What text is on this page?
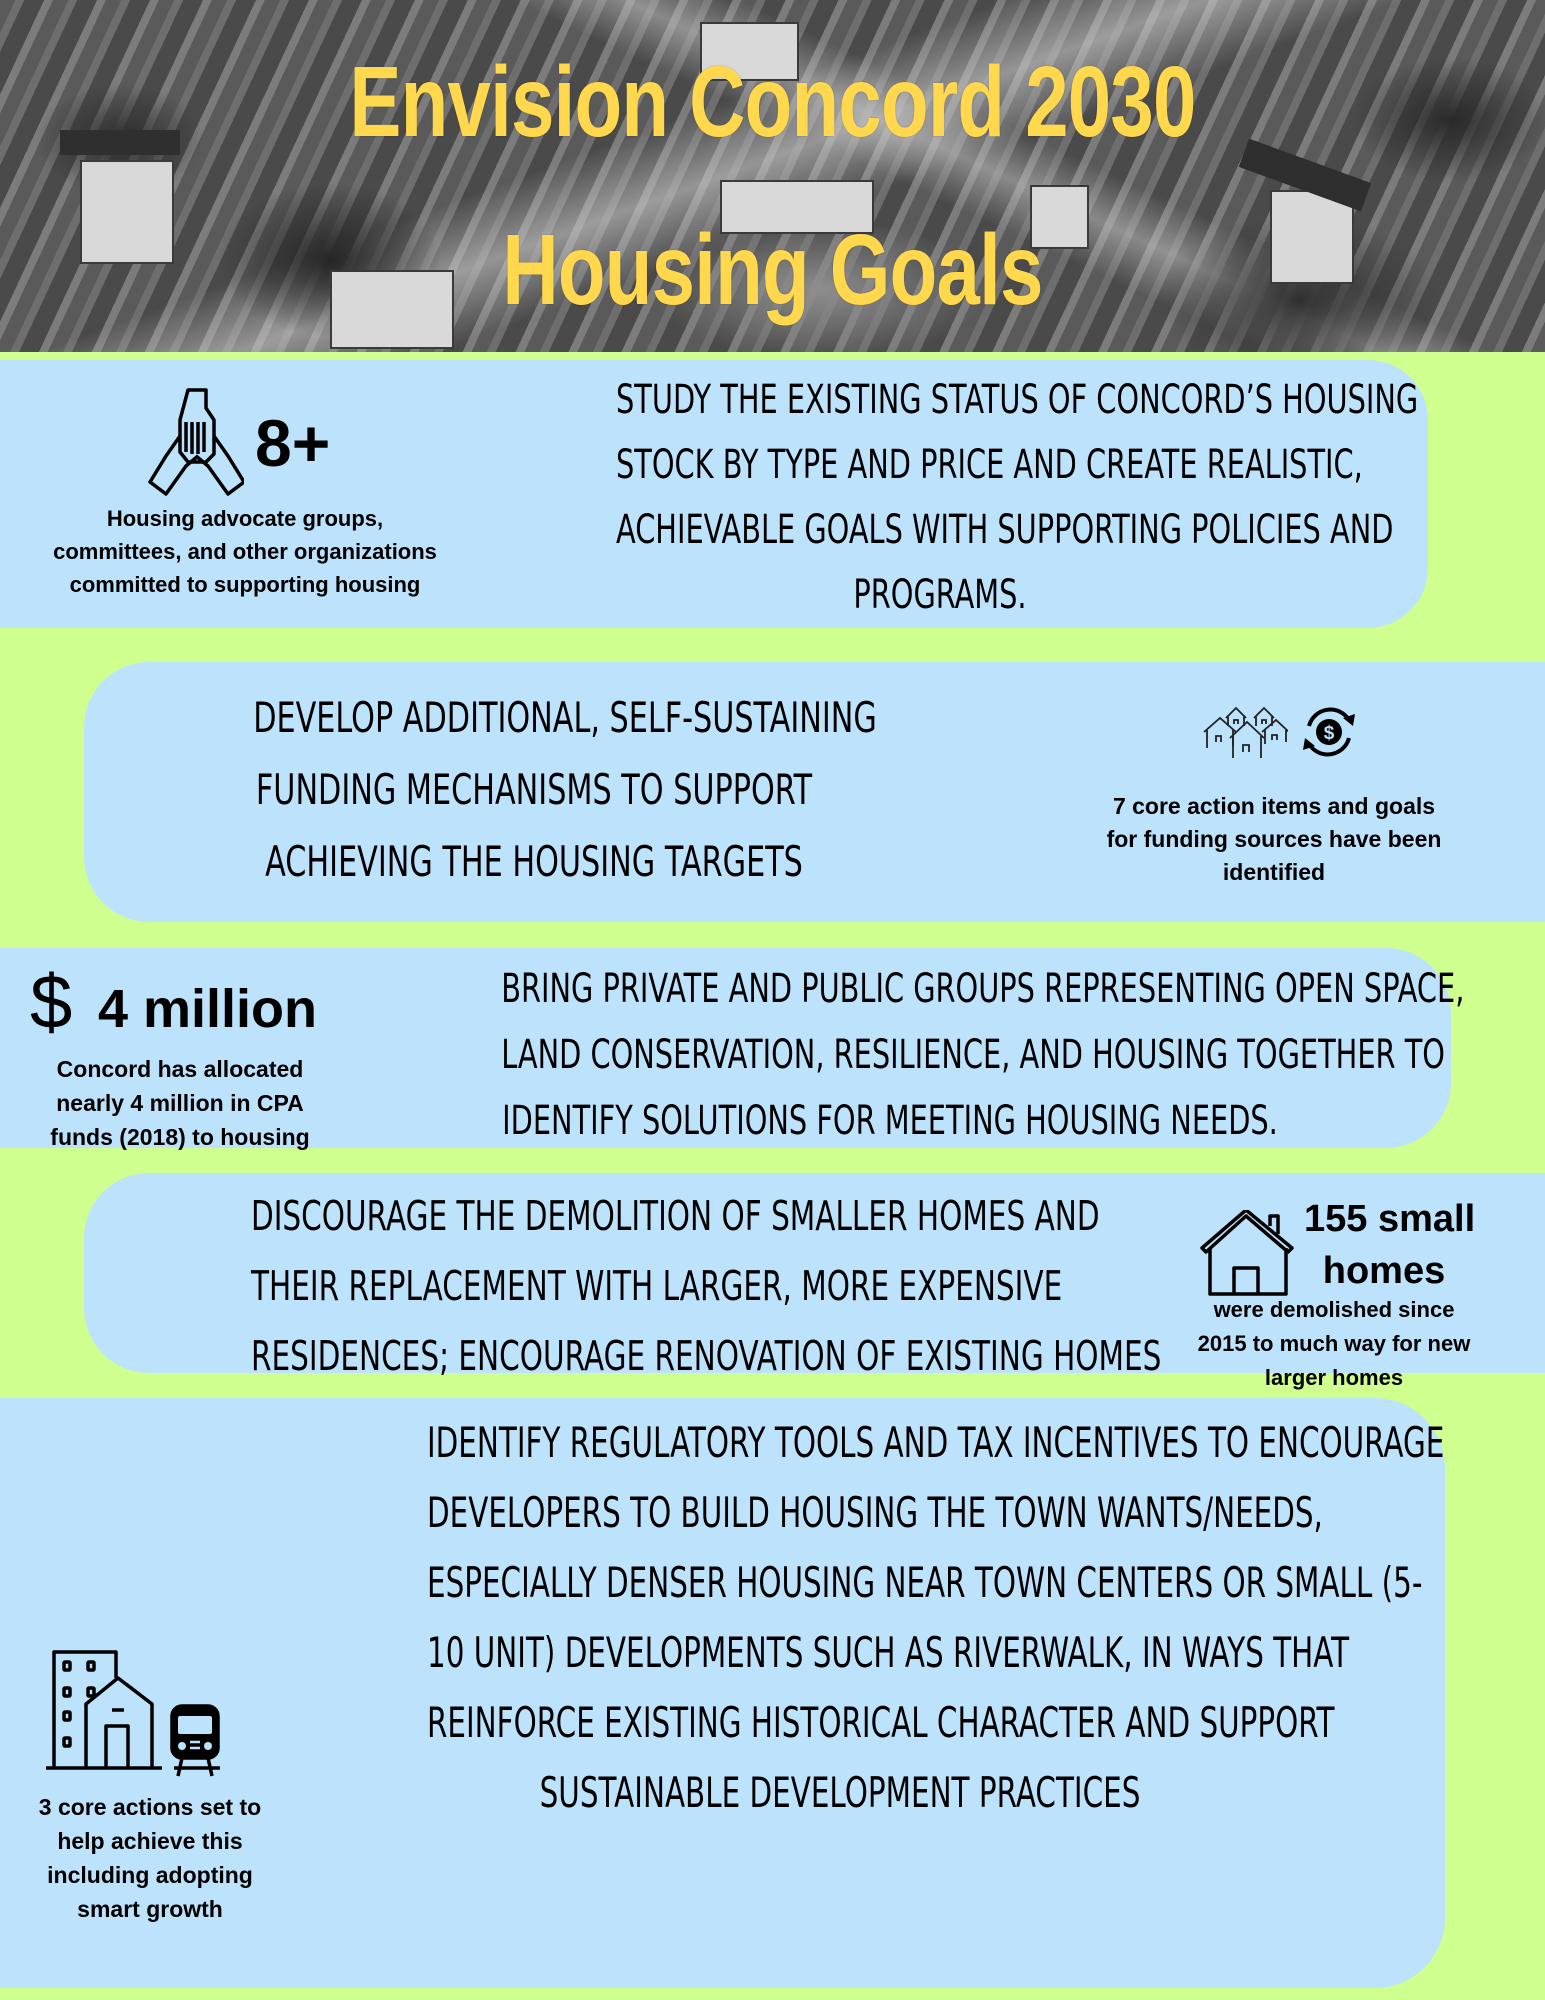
Envision Concord 2030
Housing Goals
8+
Housing advocate groups,
committees, and other organizations
committed to supporting housing
STUDY THE EXISTING STATUS OF CONCORD’S HOUSING
STOCK BY TYPE AND PRICE AND CREATE REALISTIC,
ACHIEVABLE GOALS WITH SUPPORTING POLICIES AND
PROGRAMS.
DEVELOP ADDITIONAL, SELF-SUSTAINING
FUNDING MECHANISMS TO SUPPORT
ACHIEVING THE HOUSING TARGETS
$
7 core action items and goals
for funding sources have been
identified
$ 4 million
Concord has allocated
nearly 4 million in CPA
funds (2018) to housing
BRING PRIVATE AND PUBLIC GROUPS REPRESENTING OPEN SPACE,
LAND CONSERVATION, RESILIENCE, AND HOUSING TOGETHER TO
IDENTIFY SOLUTIONS FOR MEETING HOUSING NEEDS.
DISCOURAGE THE DEMOLITION OF SMALLER HOMES AND
THEIR REPLACEMENT WITH LARGER, MORE EXPENSIVE
RESIDENCES; ENCOURAGE RENOVATION OF EXISTING HOMES
155 small
homes
were demolished since
2015 to much way for new
larger homes
3 core actions set to
help achieve this
including adopting
smart growth
IDENTIFY REGULATORY TOOLS AND TAX INCENTIVES TO ENCOURAGE
DEVELOPERS TO BUILD HOUSING THE TOWN WANTS/NEEDS,
ESPECIALLY DENSER HOUSING NEAR TOWN CENTERS OR SMALL (5-
10 UNIT) DEVELOPMENTS SUCH AS RIVERWALK, IN WAYS THAT
REINFORCE EXISTING HISTORICAL CHARACTER AND SUPPORT
SUSTAINABLE DEVELOPMENT PRACTICES
